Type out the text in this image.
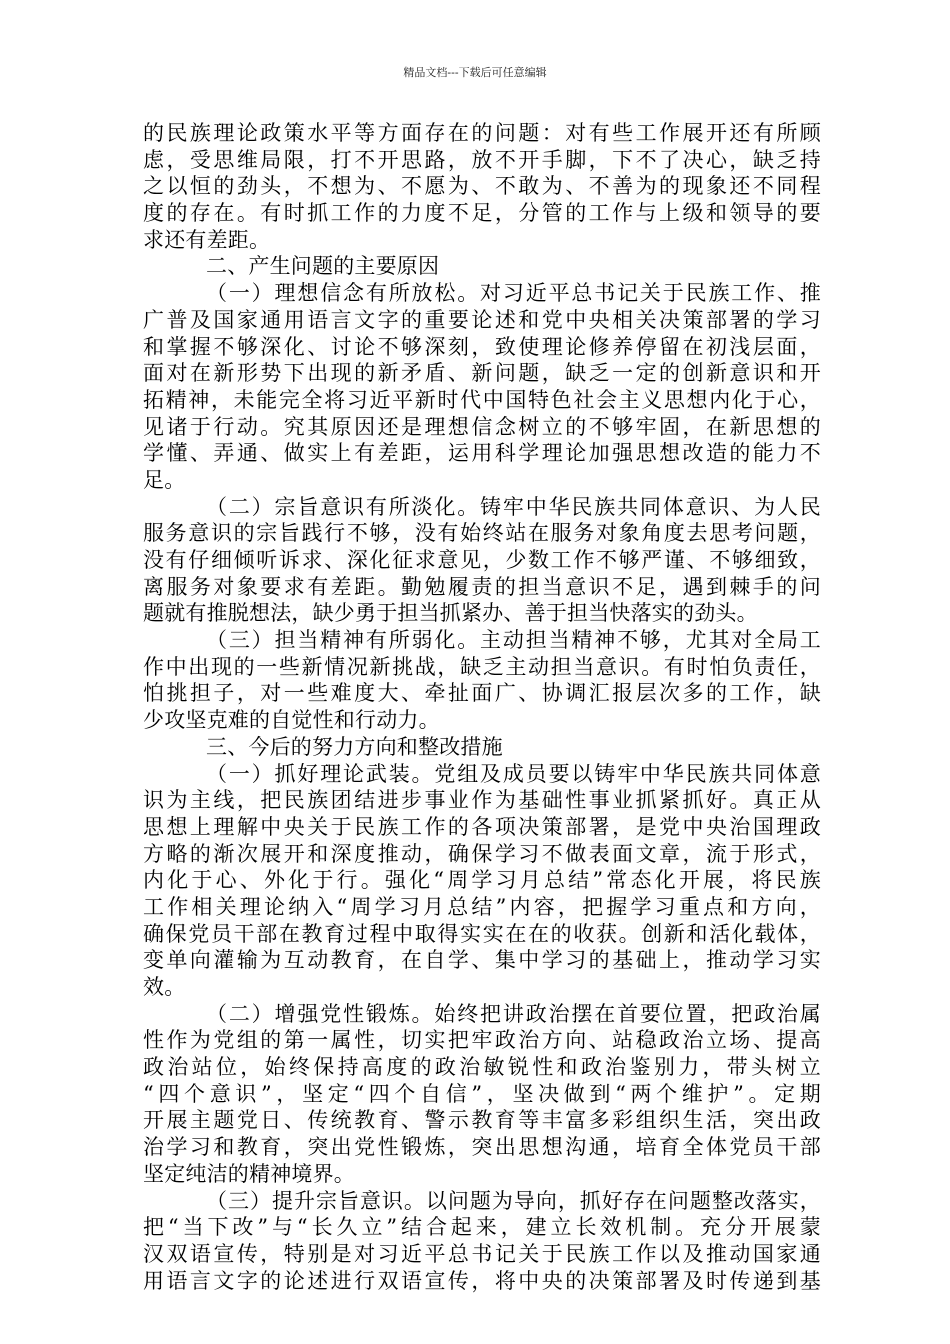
精品文档---下载后可任意编辑
的民族理论政策水平等方面存在的问题：对有些工作展开还有所顾
虑，受思维局限，打不开思路，放不开手脚，下不了决心，缺乏持
之以恒的劲头，不想为、不愿为、不敢为、不善为的现象还不同程
度的存在。有时抓工作的力度不足，分管的工作与上级和领导的要
求还有差距。
二、产生问题的主要原因
（一）理想信念有所放松。对习近平总书记关于民族工作、推
广普及国家通用语言文字的重要论述和党中央相关决策部署的学习
和掌握不够深化、讨论不够深刻，致使理论修养停留在初浅层面，
面对在新形势下出现的新矛盾、新问题，缺乏一定的创新意识和开
拓精神，未能完全将习近平新时代中国特色社会主义思想内化于心，
见诸于行动。究其原因还是理想信念树立的不够牢固，在新思想的
学懂、弄通、做实上有差距，运用科学理论加强思想改造的能力不
足。
（二）宗旨意识有所淡化。铸牢中华民族共同体意识、为人民
服务意识的宗旨践行不够，没有始终站在服务对象角度去思考问题，
没有仔细倾听诉求、深化征求意见，少数工作不够严谨、不够细致，
离服务对象要求有差距。勤勉履责的担当意识不足，遇到棘手的问
题就有推脱想法，缺少勇于担当抓紧办、善于担当快落实的劲头。
（三）担当精神有所弱化。主动担当精神不够，尤其对全局工
作中出现的一些新情况新挑战，缺乏主动担当意识。有时怕负责任，
怕挑担子，对一些难度大、牵扯面广、协调汇报层次多的工作，缺
少攻坚克难的自觉性和行动力。
三、今后的努力方向和整改措施
（一）抓好理论武装。党组及成员要以铸牢中华民族共同体意
识为主线，把民族团结进步事业作为基础性事业抓紧抓好。真正从
思想上理解中央关于民族工作的各项决策部署，是党中央治国理政
方略的渐次展开和深度推动，确保学习不做表面文章，流于形式，
内化于心、外化于行。强化“周学习月总结”常态化开展，将民族
工作相关理论纳入“周学习月总结”内容，把握学习重点和方向，
确保党员干部在教育过程中取得实实在在的收获。创新和活化载体，
变单向灌输为互动教育，在自学、集中学习的基础上，推动学习实
效。
（二）增强党性锻炼。始终把讲政治摆在首要位置，把政治属
性作为党组的第一属性，切实把牢政治方向、站稳政治立场、提高
政治站位，始终保持高度的政治敏锐性和政治鉴别力，带头树立
“四个意识”，坚定“四个自信”，坚决做到“两个维护”。定期
开展主题党日、传统教育、警示教育等丰富多彩组织生活，突出政
治学习和教育，突出党性锻炼，突出思想沟通，培育全体党员干部
坚定纯洁的精神境界。
（三）提升宗旨意识。以问题为导向，抓好存在问题整改落实，
把“当下改”与“长久立”结合起来，建立长效机制。充分开展蒙
汉双语宣传，特别是对习近平总书记关于民族工作以及推动国家通
用语言文字的论述进行双语宣传，将中央的决策部署及时传递到基
